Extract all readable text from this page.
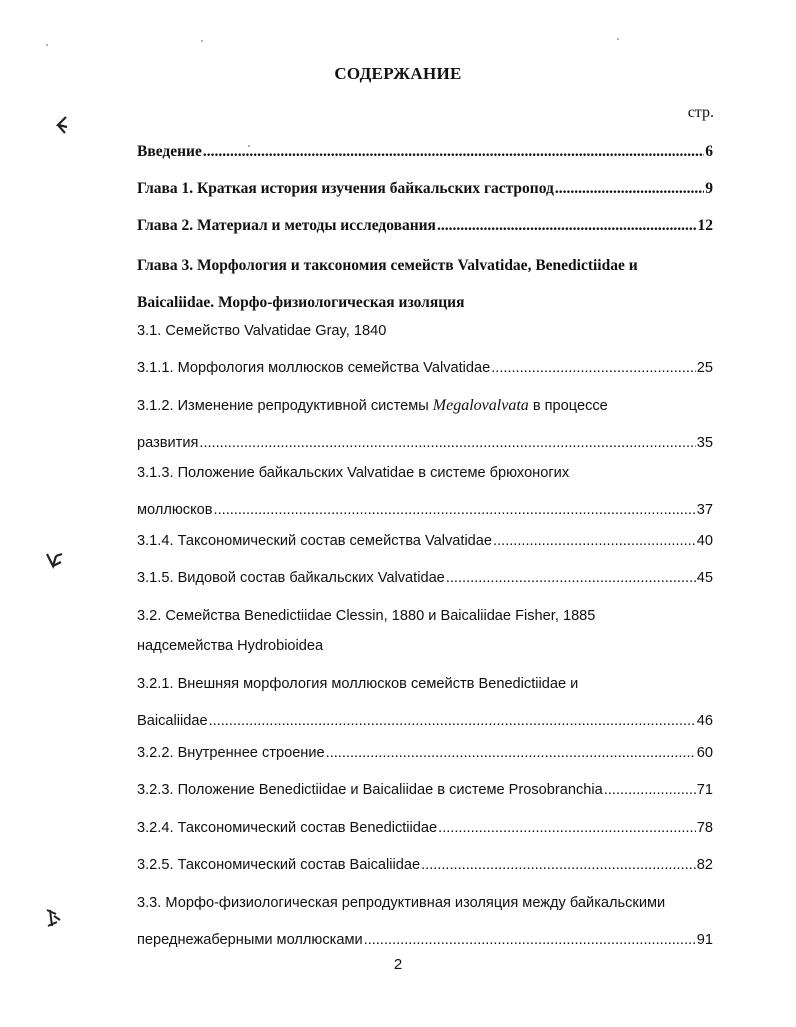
СОДЕРЖАНИЕ
стр.
Введение .....	6
Глава 1. Краткая история изучения байкальских гастропод .....	9
Глава 2. Материал и методы исследования .....	12
Глава 3. Морфология и таксономия семейств Valvatidae, Benedictiidae и
Baicaliidae. Морфо-физиологическая изоляция
3.1. Семейство Valvatidae Gray, 1840
3.1.1. Морфология моллюсков семейства Valvatidae .....	25
3.1.2. Изменение репродуктивной системы Megalovalvata в процессе
развития .....	35
3.1.3. Положение байкальских Valvatidae в системе брюхоногих
моллюсков .....	37
3.1.4. Таксономический состав семейства Valvatidae .....	40
3.1.5. Видовой состав байкальских Valvatidae .....	45
3.2. Семейства Benedictiidae Clessin, 1880 и Baicaliidae Fisher, 1885
надсемейства Hydrobioidea
3.2.1. Внешняя морфология моллюсков семейств Benedictiidae и
Baicaliidae .....	46
3.2.2. Внутреннее строение .....	60
3.2.3. Положение Benedictiidae и Baicaliidae в системе Prosobranchia .....	71
3.2.4. Таксономический состав Benedictiidae .....	78
3.2.5. Таксономический состав Baicaliidae .....	82
3.3. Морфо-физиологическая репродуктивная изоляция между байкальскими
переднежаберными моллюсками .....	91
2
